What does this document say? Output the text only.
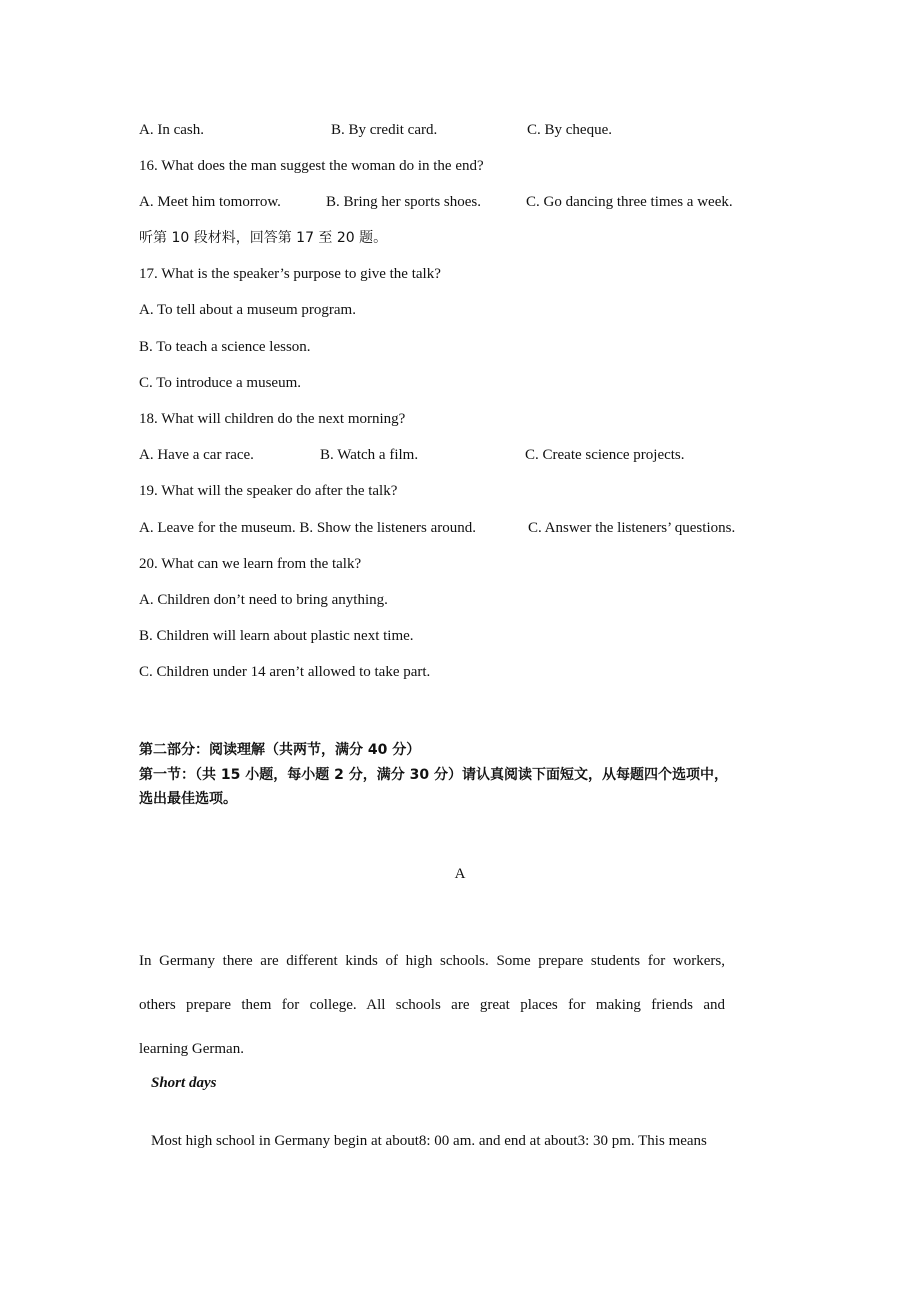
A. In cash.	B. By credit card.	C. By cheque.
16. What does the man suggest the woman do in the end?
A. Meet him tomorrow.	B. Bring her sports shoes.	C. Go dancing three times a week.
听第 10 段材料，回答第 17 至 20 题。
17. What is the speaker’s purpose to give the talk?
A. To tell about a museum program.
B. To teach a science lesson.
C. To introduce a museum.
18. What will children do the next morning?
A. Have a car race.	B. Watch a film.	C. Create science projects.
19. What will the speaker do after the talk?
A. Leave for the museum. B. Show the listeners around.	C. Answer the listeners’ questions.
20. What can we learn from the talk?
A. Children don’t need to bring anything.
B. Children will learn about plastic next time.
C. Children under 14 aren’t allowed to take part.
第二部分：阅读理解（共两节，满分 40 分）
第一节：（共 15 小题，每小题 2 分，满分 30 分）请认真阅读下面短文，从每题四个选项中，
选出最佳选项。
A
In Germany there are different kinds of high schools. Some prepare students for workers,
others prepare them for college. All schools are great places for making friends and
learning German.
Short days
Most high school in Germany begin at about8: 00 am. and end at about3: 30 pm. This means
